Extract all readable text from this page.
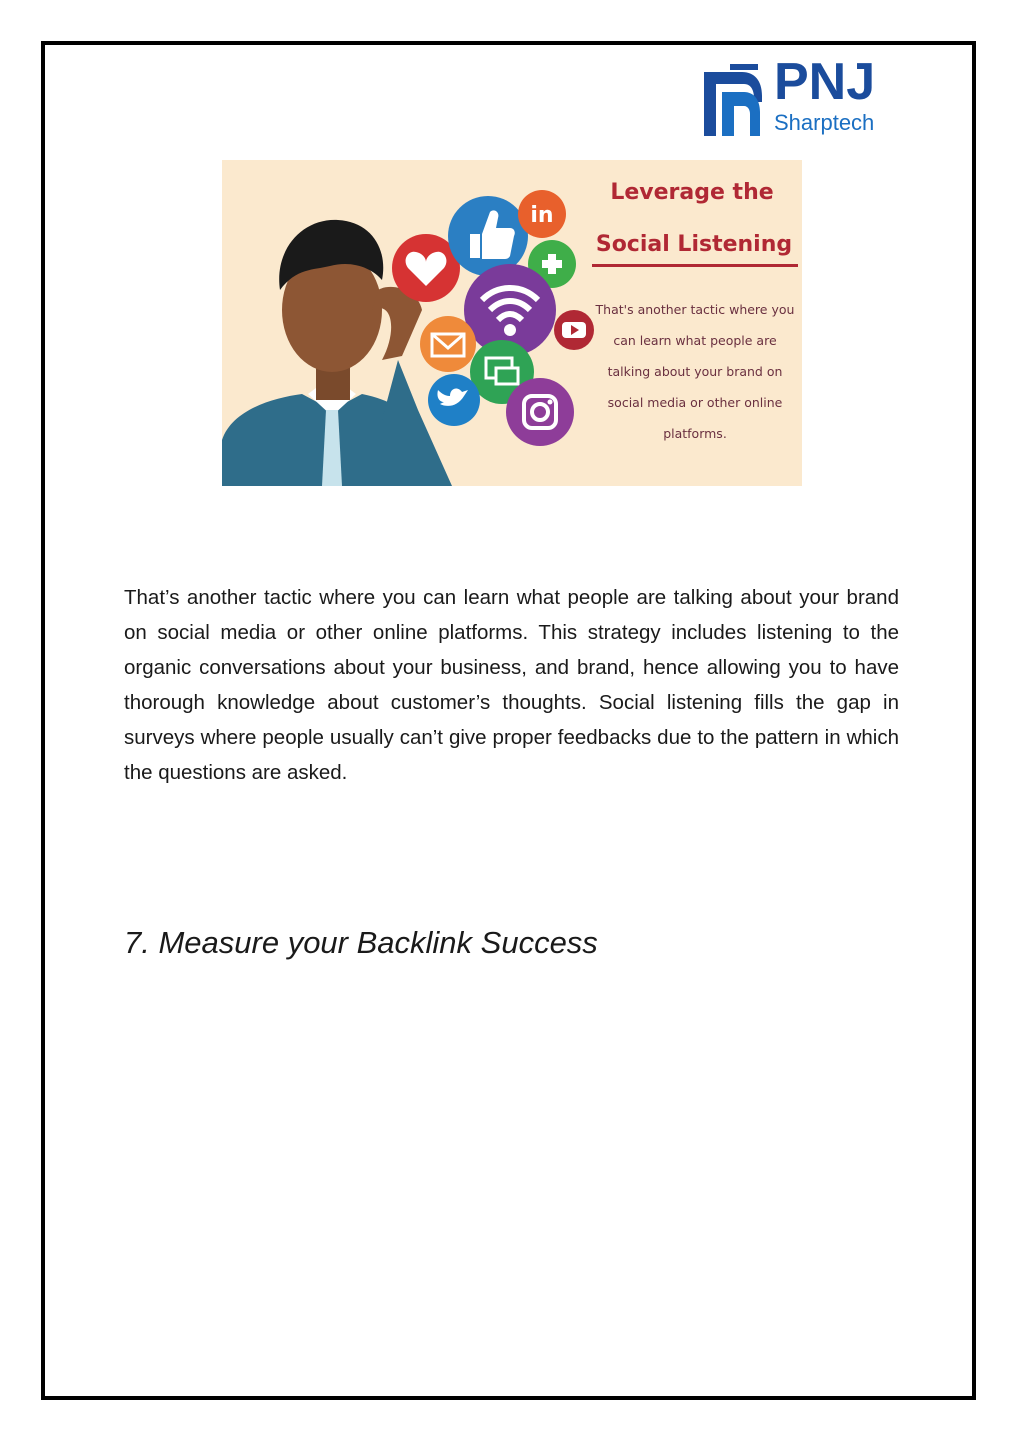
PNJ
Sharptech
in
Leverage the
Social Listening
That's another tactic where you can learn what people are talking about your brand on social media or other online platforms.

That’s another tactic where you can learn what people are talking about your brand on social media or other online platforms. This strategy includes listening to the organic conversations about your business, and brand, hence allowing you to have thorough knowledge about customer’s thoughts. Social listening fills the gap in surveys where people usually can’t give proper feedbacks due to the pattern in which the questions are asked.

7. Measure your Backlink Success
